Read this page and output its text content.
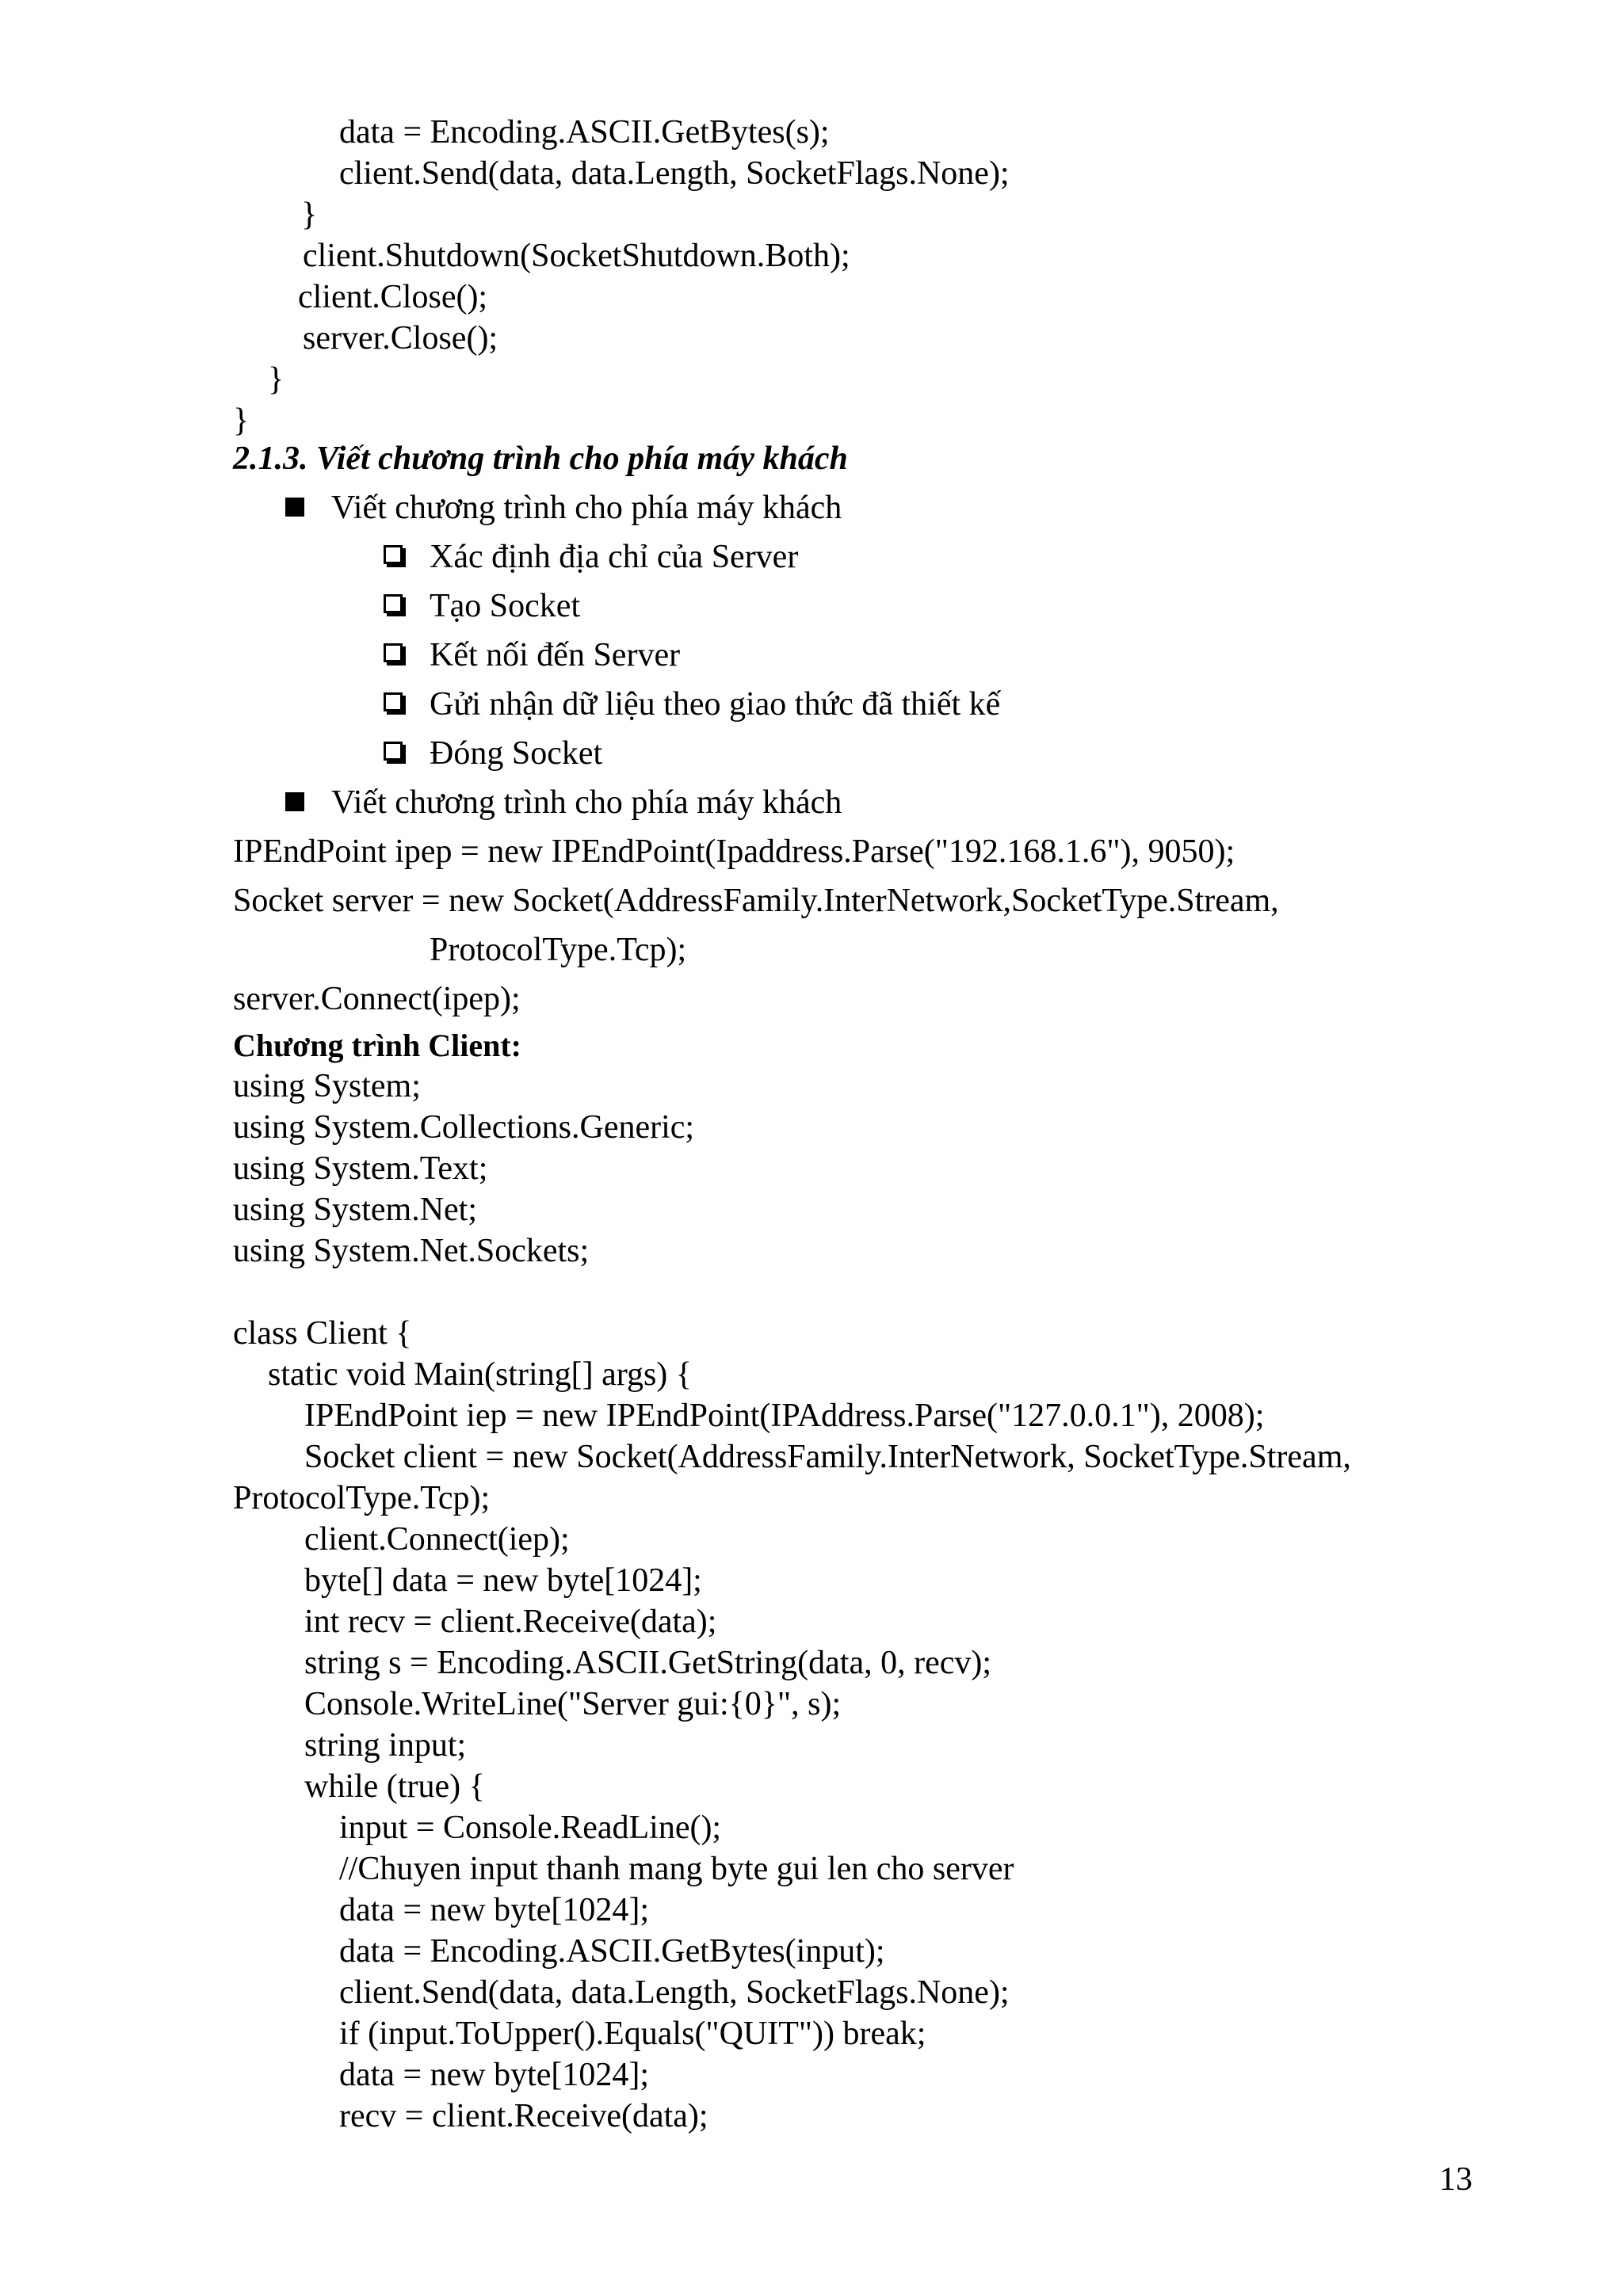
data = Encoding.ASCII.GetBytes(s);
client.Send(data, data.Length, SocketFlags.None);
}
client.Shutdown(SocketShutdown.Both);
client.Close();
server.Close();
}
}
2.1.3. Viết chương trình cho phía máy khách
Viết chương trình cho phía máy khách
Xác định địa chỉ của Server
Tạo Socket
Kết nối đến Server
Gửi nhận dữ liệu theo giao thức đã thiết kế
Đóng Socket
Viết chương trình cho phía máy khách
IPEndPoint ipep = new IPEndPoint(Ipaddress.Parse("192.168.1.6"), 9050);
Socket server = new Socket(AddressFamily.InterNetwork,SocketType.Stream,
ProtocolType.Tcp);
server.Connect(ipep);
Chương trình Client:
using System;
using System.Collections.Generic;
using System.Text;
using System.Net;
using System.Net.Sockets;
class Client {
static void Main(string[] args) {
IPEndPoint iep = new IPEndPoint(IPAddress.Parse("127.0.0.1"), 2008);
Socket client = new Socket(AddressFamily.InterNetwork, SocketType.Stream,
ProtocolType.Tcp);
client.Connect(iep);
byte[] data = new byte[1024];
int recv = client.Receive(data);
string s = Encoding.ASCII.GetString(data, 0, recv);
Console.WriteLine("Server gui:{0}", s);
string input;
while (true) {
input = Console.ReadLine();
//Chuyen input thanh mang byte gui len cho server
data = new byte[1024];
data = Encoding.ASCII.GetBytes(input);
client.Send(data, data.Length, SocketFlags.None);
if (input.ToUpper().Equals("QUIT")) break;
data = new byte[1024];
recv = client.Receive(data);
13
